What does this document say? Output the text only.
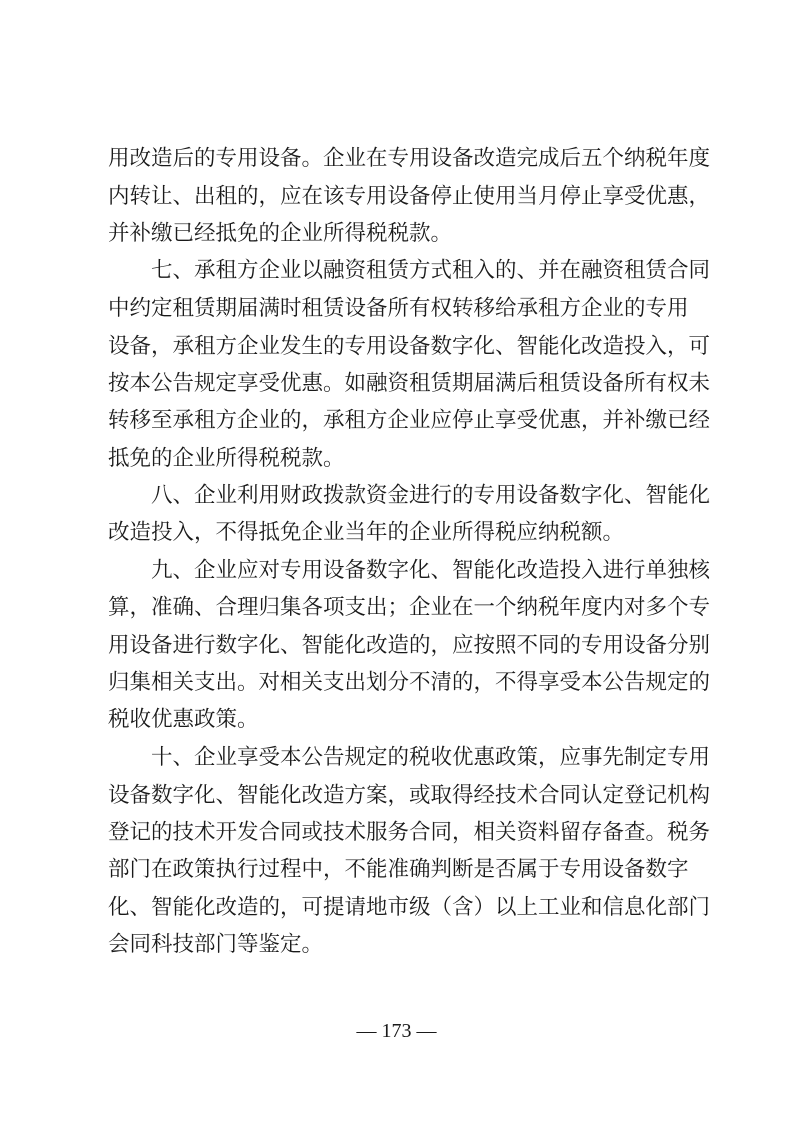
用改造后的专用设备。企业在专用设备改造完成后五个纳税年度
内转让、出租的，应在该专用设备停止使用当月停止享受优惠，
并补缴已经抵免的企业所得税税款。
七、承租方企业以融资租赁方式租入的、并在融资租赁合同
中约定租赁期届满时租赁设备所有权转移给承租方企业的专用
设备，承租方企业发生的专用设备数字化、智能化改造投入，可
按本公告规定享受优惠。如融资租赁期届满后租赁设备所有权未
转移至承租方企业的，承租方企业应停止享受优惠，并补缴已经
抵免的企业所得税税款。
八、企业利用财政拨款资金进行的专用设备数字化、智能化
改造投入，不得抵免企业当年的企业所得税应纳税额。
九、企业应对专用设备数字化、智能化改造投入进行单独核
算，准确、合理归集各项支出；企业在一个纳税年度内对多个专
用设备进行数字化、智能化改造的，应按照不同的专用设备分别
归集相关支出。对相关支出划分不清的，不得享受本公告规定的
税收优惠政策。
十、企业享受本公告规定的税收优惠政策，应事先制定专用
设备数字化、智能化改造方案，或取得经技术合同认定登记机构
登记的技术开发合同或技术服务合同，相关资料留存备查。税务
部门在政策执行过程中，不能准确判断是否属于专用设备数字
化、智能化改造的，可提请地市级（含）以上工业和信息化部门
会同科技部门等鉴定。
— 173 —
